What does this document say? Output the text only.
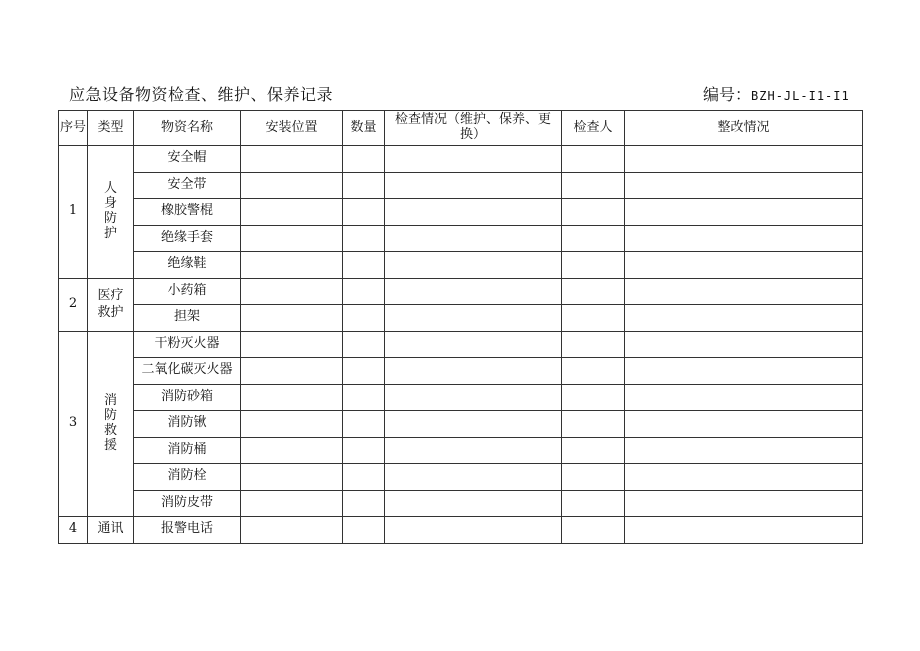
应急设备物资检查、维护、保养记录	编号：BZH-JL-I1-I1
序号	类型	物资名称	安装位置	数量	检查情况（维护、保养、更换）	检查人	整改情况
1	人身防护	安全帽					
		安全带					
		橡胶警棍					
		绝缘手套					
		绝缘鞋					
2	医疗救护	小药箱					
		担架					
3	消防救援	干粉灭火器					
		二氧化碳灭火器					
		消防砂箱					
		消防锹					
		消防桶					
		消防栓					
		消防皮带					
4	通讯	报警电话					
